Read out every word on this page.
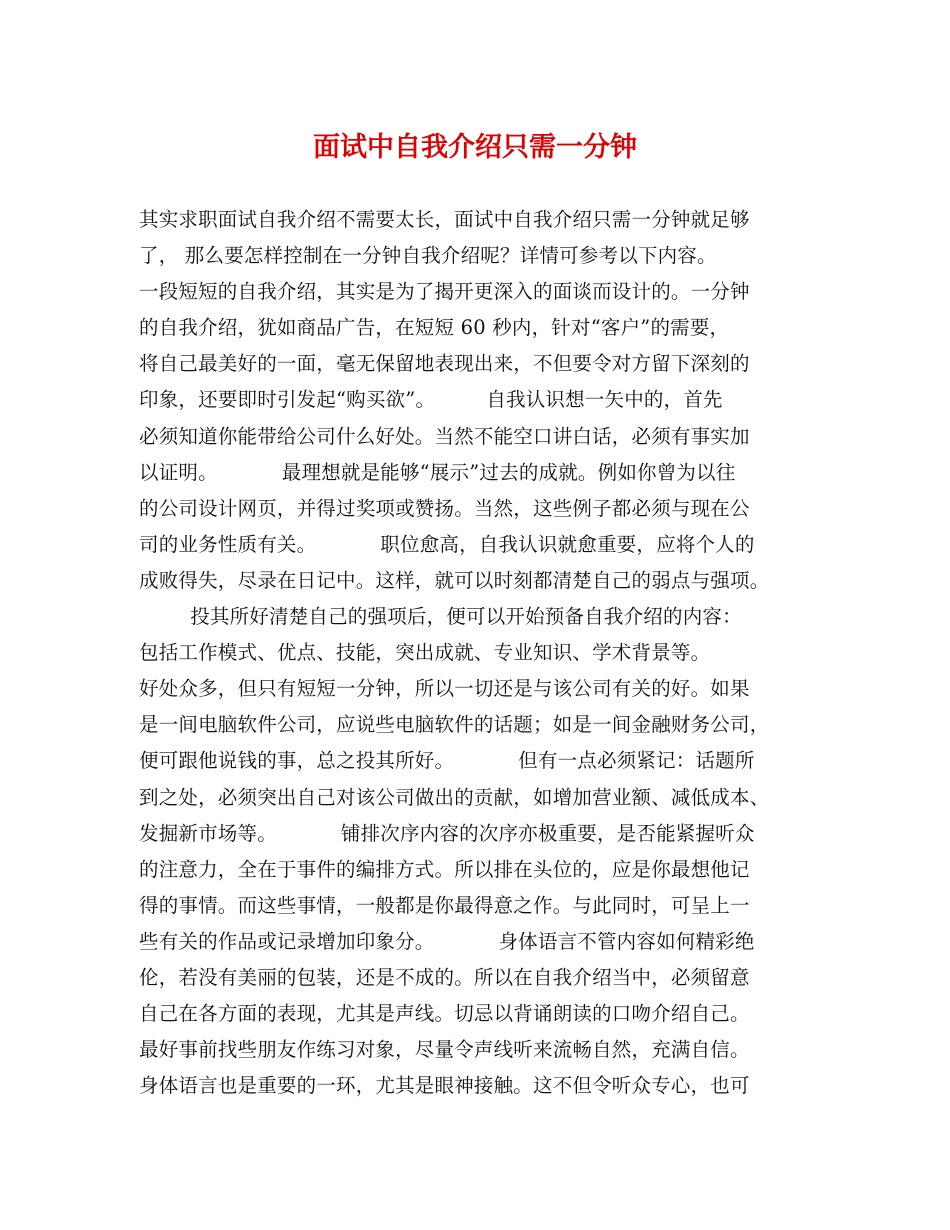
面试中自我介绍只需一分钟
其实求职面试自我介绍不需要太长，面试中自我介绍只需一分钟就足够
了， 那么要怎样控制在一分钟自我介绍呢？详情可参考以下内容。
一段短短的自我介绍，其实是为了揭开更深入的面谈而设计的。一分钟
的自我介绍，犹如商品广告，在短短 60 秒内，针对“客户”的需要，
将自己最美好的一面，毫无保留地表现出来，不但要令对方留下深刻的
印象，还要即时引发起“购买欲”。        自我认识想一矢中的，首先
必须知道你能带给公司什么好处。当然不能空口讲白话，必须有事实加
以证明。          最理想就是能够“展示”过去的成就。例如你曾为以往
的公司设计网页，并得过奖项或赞扬。当然，这些例子都必须与现在公
司的业务性质有关。          职位愈高，自我认识就愈重要，应将个人的
成败得失，尽录在日记中。这样，就可以时刻都清楚自己的弱点与强项。
投其所好清楚自己的强项后，便可以开始预备自我介绍的内容：
包括工作模式、优点、技能，突出成就、专业知识、学术背景等。
好处众多，但只有短短一分钟，所以一切还是与该公司有关的好。如果
是一间电脑软件公司，应说些电脑软件的话题；如是一间金融财务公司，
便可跟他说钱的事，总之投其所好。          但有一点必须紧记：话题所
到之处，必须突出自己对该公司做出的贡献，如增加营业额、减低成本、
发掘新市场等。          铺排次序内容的次序亦极重要，是否能紧握听众
的注意力，全在于事件的编排方式。所以排在头位的，应是你最想他记
得的事情。而这些事情，一般都是你最得意之作。与此同时，可呈上一
些有关的作品或记录增加印象分。          身体语言不管内容如何精彩绝
伦，若没有美丽的包装，还是不成的。所以在自我介绍当中，必须留意
自己在各方面的表现，尤其是声线。切忌以背诵朗读的口吻介绍自己。
最好事前找些朋友作练习对象，尽量令声线听来流畅自然，充满自信。
身体语言也是重要的一环，尤其是眼神接触。这不但令听众专心，也可
